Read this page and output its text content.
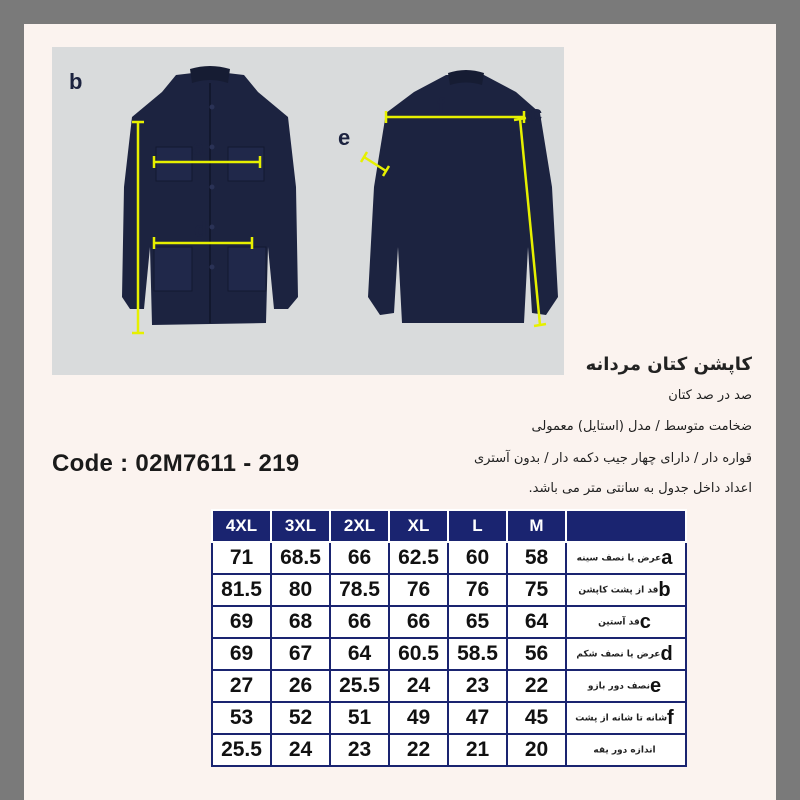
b
a
d
f	c
e
کاپشن کتان مردانه
صد در صد کتان
ضخامت متوسط / مدل (استایل) معمولی
قواره دار / دارای چهار جیب دکمه دار / بدون آستری
اعداد داخل جدول به سانتی متر می باشد.
Code : 02M7611 - 219
4XL	3XL	2XL	XL	L	M	
71	68.5	66	62.5	60	58	aعرض یا نصف سینه
81.5	80	78.5	76	76	75	bقد از پشت کاپشن
69	68	66	66	65	64	cقد آستین
69	67	64	60.5	58.5	56	dعرض یا نصف شکم
27	26	25.5	24	23	22	eنصف دور بازو
53	52	51	49	47	45	fشانه تا شانه از پشت
25.5	24	23	22	21	20	اندازه دور یقه
